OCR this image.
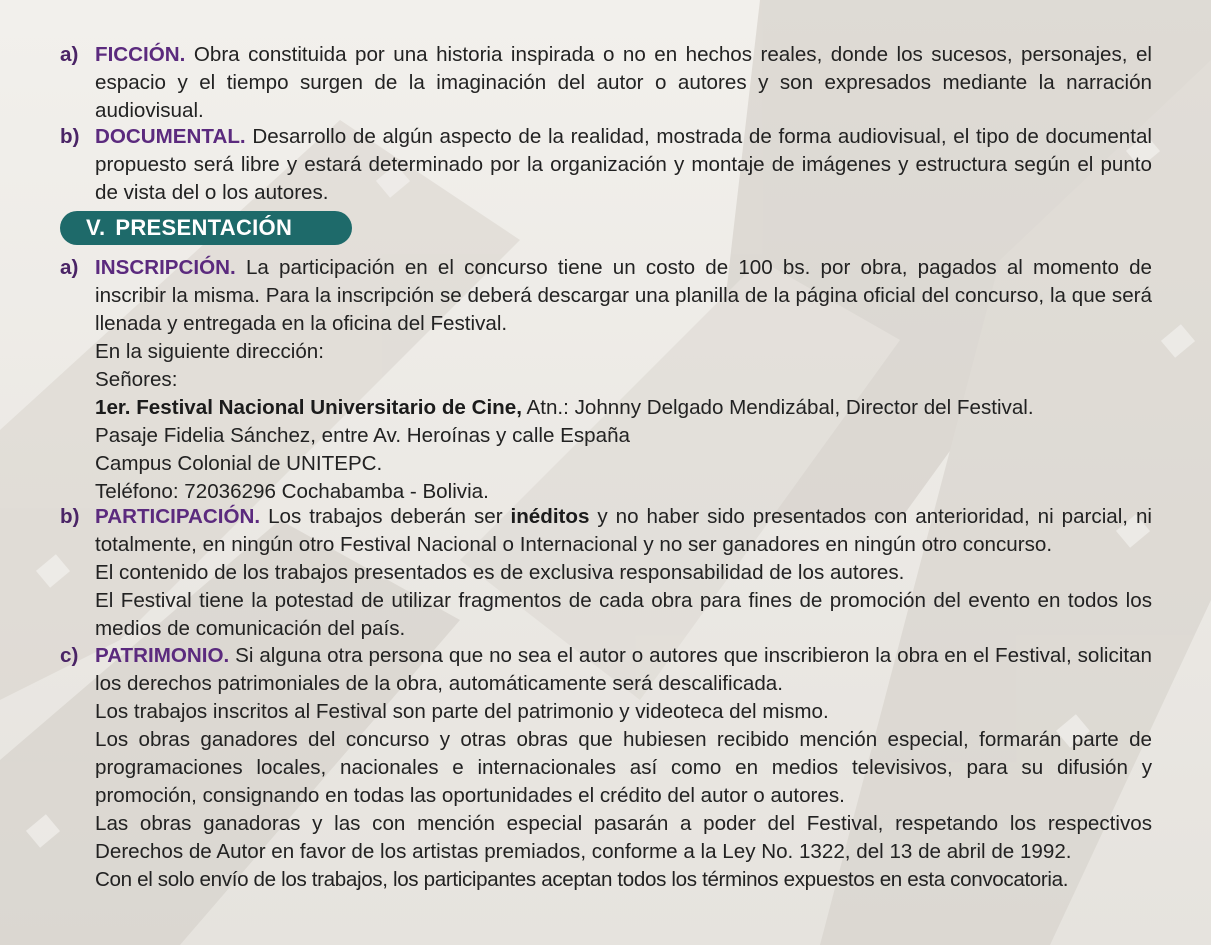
a) FICCIÓN. Obra constituida por una historia inspirada o no en hechos reales, donde los sucesos, personajes, el espacio y el tiempo surgen de la imaginación del autor o autores y son expresados mediante la narración audiovisual.
b) DOCUMENTAL. Desarrollo de algún aspecto de la realidad, mostrada de forma audiovisual, el tipo de documental propuesto será libre y estará determinado por la organización y montaje de imágenes y estructura según el punto de vista del o los autores.
V. PRESENTACIÓN
a) INSCRIPCIÓN. La participación en el concurso tiene un costo de 100 bs. por obra, pagados al momento de inscribir la misma. Para la inscripción se deberá descargar una planilla de la página oficial del concurso, la que será llenada y entregada en la oficina del Festival.

En la siguiente dirección:

Señores:

1er. Festival Nacional Universitario de Cine, Atn.: Johnny Delgado Mendizábal, Director del Festival.

Pasaje Fidelia Sánchez, entre Av. Heroínas y calle España

Campus Colonial de UNITEPC.

Teléfono: 72036296 Cochabamba - Bolivia.

b) PARTICIPACIÓN. Los trabajos deberán ser inéditos y no haber sido presentados con anterioridad, ni parcial, ni totalmente, en ningún otro Festival Nacional o Internacional y no ser ganadores en ningún otro concurso.

El contenido de los trabajos presentados es de exclusiva responsabilidad de los autores.

El Festival tiene la potestad de utilizar fragmentos de cada obra para fines de promoción del evento en todos los medios de comunicación del país.

c) PATRIMONIO. Si alguna otra persona que no sea el autor o autores que inscribieron la obra en el Festival, solicitan los derechos patrimoniales de la obra, automáticamente será descalificada.

Los trabajos inscritos al Festival son parte del patrimonio y videoteca del mismo.

Los obras ganadores del concurso y otras obras que hubiesen recibido mención especial, formarán parte de programaciones locales, nacionales e internacionales así como en medios televisivos, para su difusión y promoción, consignando en todas las oportunidades el crédito del autor o autores.

Las obras ganadoras y las con mención especial pasarán a poder del Festival, respetando los respectivos Derechos de Autor en favor de los artistas premiados, conforme a la Ley No. 1322, del 13 de abril de 1992.

Con el solo envío de los trabajos, los participantes aceptan todos los términos expuestos en esta convocatoria.
